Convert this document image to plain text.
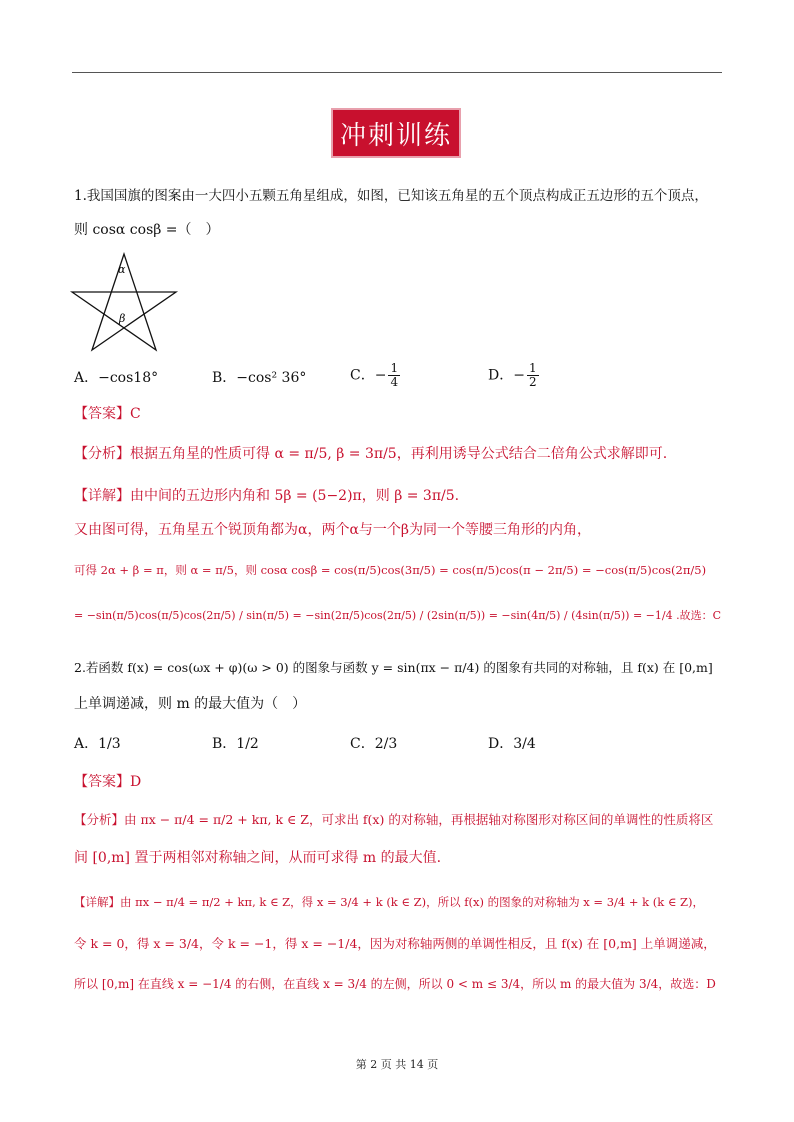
冲刺训练
1.我国国旗的图案由一大四小五颗五角星组成，如图，已知该五角星的五个顶点构成正五边形的五个顶点，
则 cosα cosβ =（　）
α
β
A．−cos18°	B．−cos² 36°	C．− $\frac{1}{4}$	D．− $\frac{1}{2}$
【答案】C
【分析】根据五角星的性质可得 α = π/5, β = 3π/5，再利用诱导公式结合二倍角公式求解即可.
【详解】由中间的五边形内角和 5β = (5−2)π，则 β = 3π/5.
又由图可得，五角星五个锐顶角都为α，两个α与一个β为同一个等腰三角形的内角，
可得 2α + β = π，则 α = π/5，则 cosα cosβ = cos(π/5)cos(3π/5) = cos(π/5)cos(π − 2π/5) = −cos(π/5)cos(2π/5)
= −sin(π/5)cos(π/5)cos(2π/5) / sin(π/5) = −sin(2π/5)cos(2π/5) / (2sin(π/5)) = −sin(4π/5) / (4sin(π/5)) = −1/4 .故选：C
2.若函数 f(x) = cos(ωx + φ)(ω > 0) 的图象与函数 y = sin(πx − π/4) 的图象有共同的对称轴，且 f(x) 在 [0,m]
上单调递减，则 m 的最大值为（　）
A．1/3	B．1/2	C．2/3	D．3/4
【答案】D
【分析】由 πx − π/4 = π/2 + kπ, k ∈ Z，可求出 f(x) 的对称轴，再根据轴对称图形对称区间的单调性的性质将区
间 [0,m] 置于两相邻对称轴之间，从而可求得 m 的最大值.
【详解】由 πx − π/4 = π/2 + kπ, k ∈ Z，得 x = 3/4 + k (k ∈ Z)，所以 f(x) 的图象的对称轴为 x = 3/4 + k (k ∈ Z)，
令 k = 0，得 x = 3/4，令 k = −1，得 x = −1/4，因为对称轴两侧的单调性相反，且 f(x) 在 [0,m] 上单调递减，
所以 [0,m] 在直线 x = −1/4 的右侧，在直线 x = 3/4 的左侧，所以 0 < m ≤ 3/4，所以 m 的最大值为 3/4，故选：D
第 2 页 共 14 页
